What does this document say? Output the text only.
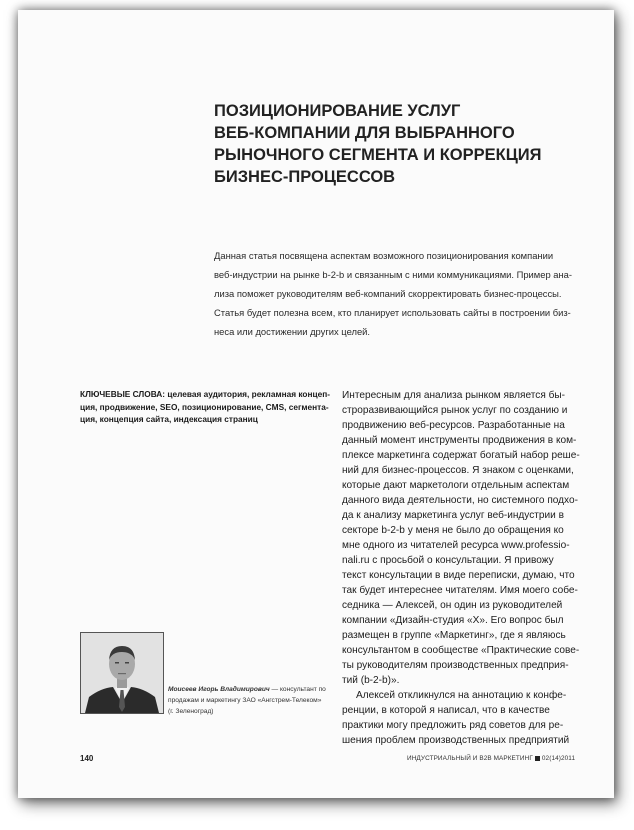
ПОЗИЦИОНИРОВАНИЕ УСЛУГ
ВЕБ-КОМПАНИИ ДЛЯ ВЫБРАННОГО
РЫНОЧНОГО СЕГМЕНТА И КОРРЕКЦИЯ
БИЗНЕС-ПРОЦЕССОВ
Данная статья посвящена аспектам возможного позиционирования компании
веб-индустрии на рынке b-2-b и связанным с ними коммуникациями. Пример ана-
лиза поможет руководителям веб-компаний скорректировать бизнес-процессы.
Статья будет полезна всем, кто планирует использовать сайты в построении биз-
неса или достижении других целей.
КЛЮЧЕВЫЕ СЛОВА: целевая аудитория, рекламная концеп-
ция, продвижение, SEO, позиционирование, CMS, сегмента-
ция, концепция сайта, индексация страниц
Моисеев Игорь Владимирович — консультант по
продажам и маркетингу ЗАО «Ангстрем-Телеком»
(г. Зеленоград)
Интересным для анализа рынком является бы-
строразвивающийся рынок услуг по созданию и
продвижению веб-ресурсов. Разработанные на
данный момент инструменты продвижения в ком-
плексе маркетинга содержат богатый набор реше-
ний для бизнес-процессов. Я знаком с оценками,
которые дают маркетологи отдельным аспектам
данного вида деятельности, но системного подхо-
да к анализу маркетинга услуг веб-индустрии в
секторе b-2-b у меня не было до обращения ко
мне одного из читателей ресурса www.professio-
nali.ru с просьбой о консультации. Я привожу
текст консультации в виде переписки, думаю, что
так будет интереснее читателям. Имя моего собе-
седника — Алексей, он один из руководителей
компании «Дизайн-студия «Х». Его вопрос был
размещен в группе «Маркетинг», где я являюсь
консультантом в сообществе «Практические сове-
ты руководителям производственных предприя-
тий (b-2-b)».
Алексей откликнулся на аннотацию к конфе-
ренции, в которой я написал, что в качестве
практики могу предложить ряд советов для ре-
шения проблем производственных предприятий
140	ИНДУСТРИАЛЬНЫЙ И В2В МАРКЕТИНГ 02(14)2011
